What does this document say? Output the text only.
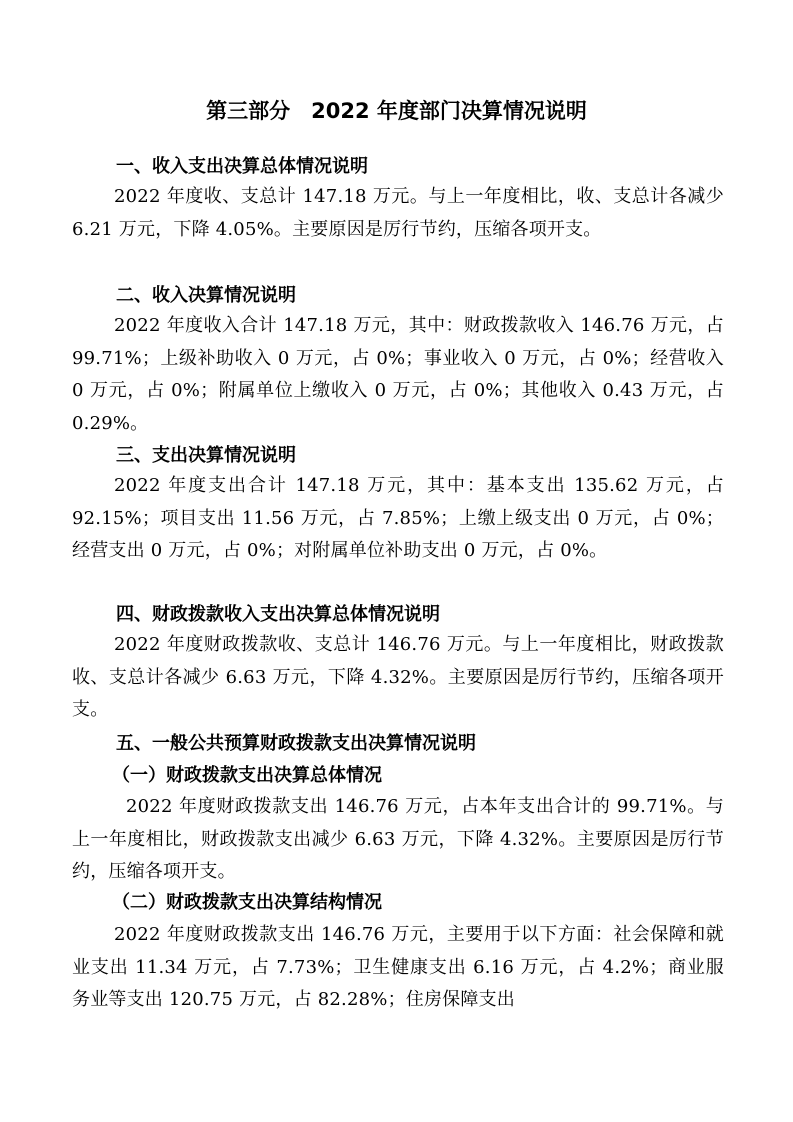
第三部分　2022 年度部门决算情况说明
一、收入支出决算总体情况说明
2022 年度收、支总计 147.18 万元。与上一年度相比，收、支总计各减少 6.21 万元，下降 4.05%。主要原因是厉行节约，压缩各项开支。
二、收入决算情况说明
2022 年度收入合计 147.18 万元，其中：财政拨款收入 146.76 万元，占 99.71%；上级补助收入 0 万元，占 0%；事业收入 0 万元，占 0%；经营收入 0 万元，占 0%；附属单位上缴收入 0 万元，占 0%；其他收入 0.43 万元，占 0.29%。
三、支出决算情况说明
2022 年度支出合计 147.18 万元，其中：基本支出 135.62 万元，占 92.15%；项目支出 11.56 万元，占 7.85%；上缴上级支出 0 万元，占 0%；经营支出 0 万元，占 0%；对附属单位补助支出 0 万元，占 0%。
四、财政拨款收入支出决算总体情况说明
2022 年度财政拨款收、支总计 146.76 万元。与上一年度相比，财政拨款收、支总计各减少 6.63 万元，下降 4.32%。主要原因是厉行节约，压缩各项开支。
五、一般公共预算财政拨款支出决算情况说明
（一）财政拨款支出决算总体情况
2022 年度财政拨款支出 146.76 万元，占本年支出合计的 99.71%。与上一年度相比，财政拨款支出减少 6.63 万元，下降 4.32%。主要原因是厉行节约，压缩各项开支。
（二）财政拨款支出决算结构情况
2022 年度财政拨款支出 146.76 万元，主要用于以下方面：社会保障和就业支出 11.34 万元，占 7.73%；卫生健康支出 6.16 万元，占 4.2%；商业服务业等支出 120.75 万元，占 82.28%；住房保障支出
